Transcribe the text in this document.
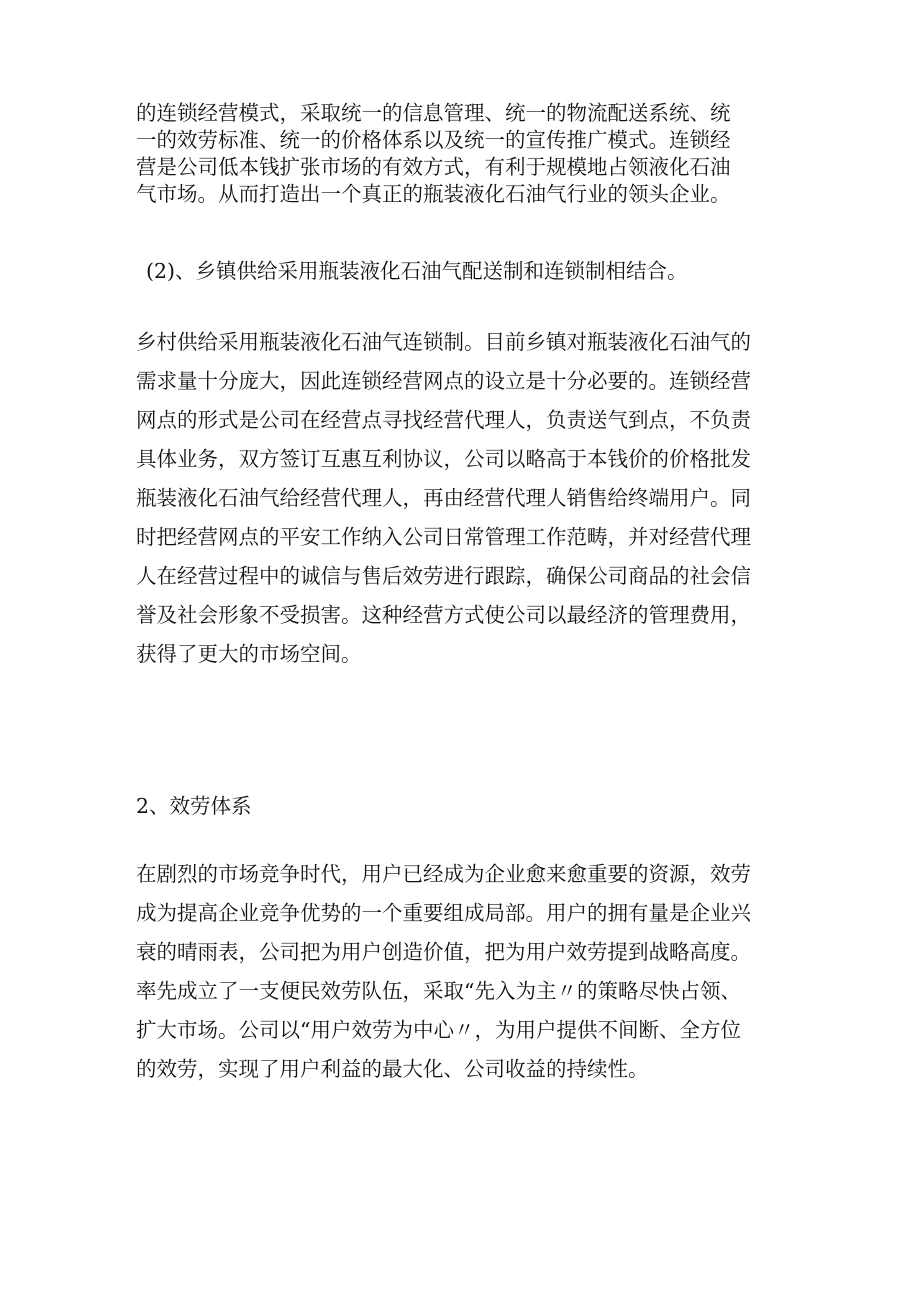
的连锁经营模式，采取统一的信息管理、统一的物流配送系统、统
一的效劳标准、统一的价格体系以及统一的宣传推广模式。连锁经
营是公司低本钱扩张市场的有效方式，有利于规模地占领液化石油
气市场。从而打造出一个真正的瓶装液化石油气行业的领头企业。
(2)、乡镇供给采用瓶装液化石油气配送制和连锁制相结合。
乡村供给采用瓶装液化石油气连锁制。目前乡镇对瓶装液化石油气的
需求量十分庞大，因此连锁经营网点的设立是十分必要的。连锁经营
网点的形式是公司在经营点寻找经营代理人，负责送气到点，不负责
具体业务，双方签订互惠互利协议，公司以略高于本钱价的价格批发
瓶装液化石油气给经营代理人，再由经营代理人销售给终端用户。同
时把经营网点的平安工作纳入公司日常管理工作范畴，并对经营代理
人在经营过程中的诚信与售后效劳进行跟踪，确保公司商品的社会信
誉及社会形象不受损害。这种经营方式使公司以最经济的管理费用，
获得了更大的市场空间。
2、效劳体系
在剧烈的市场竞争时代，用户已经成为企业愈来愈重要的资源，效劳
成为提高企业竞争优势的一个重要组成局部。用户的拥有量是企业兴
衰的晴雨表，公司把为用户创造价值，把为用户效劳提到战略高度。
率先成立了一支便民效劳队伍，采取“先入为主〃的策略尽快占领、
扩大市场。公司以“用户效劳为中心〃，为用户提供不间断、全方位
的效劳，实现了用户利益的最大化、公司收益的持续性。
